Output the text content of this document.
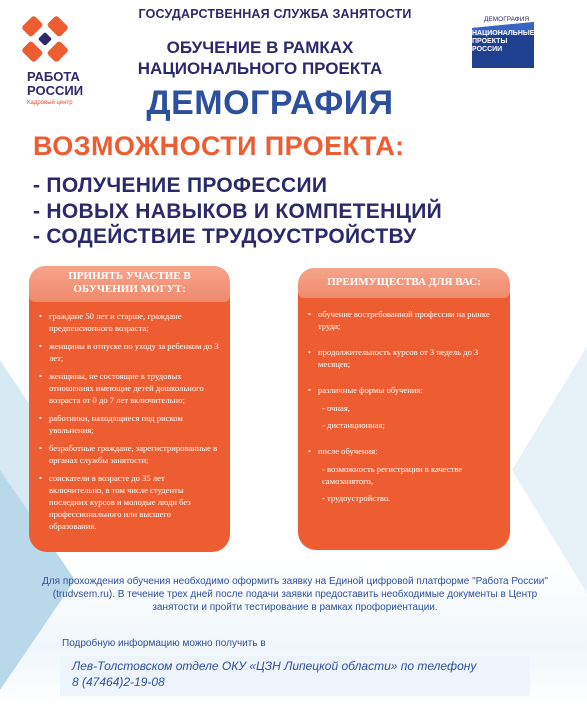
РАБОТА
РОССИИ
Кадровый центр
ДЕМОГРАФИЯ
НАЦИОНАЛЬНЫЕ
ПРОЕКТЫ
РОССИИ
ГОСУДАРСТВЕННАЯ СЛУЖБА ЗАНЯТОСТИ
ОБУЧЕНИЕ В РАМКАХ
НАЦИОНАЛЬНОГО ПРОЕКТА
ДЕМОГРАФИЯ
ВОЗМОЖНОСТИ ПРОЕКТА:
- ПОЛУЧЕНИЕ ПРОФЕССИИ
- НОВЫХ НАВЫКОВ И КОМПЕТЕНЦИЙ
- СОДЕЙСТВИЕ ТРУДОУСТРОЙСТВУ
ПРИНЯТЬ УЧАСТИЕ В
ОБУЧЕНИИ МОГУТ:
• граждане 50 лет и старше, граждане предпенсионного возраста;
• женщины в отпуске по уходу за ребенком до 3 лет;
• женщины, не состоящие в трудовых отношениях имеющие детей дошкольного возраста от 0 до 7 лет включительно;
• работники, находящиеся под риском увольнения;
• безработные граждане, зарегистрированные в органах службы занятости;
• соискатели в возрасте до 35 лет включительно, в том числе студенты последних курсов и молодые люди без профессионального или высшего образования.
ПРЕИМУЩЕСТВА ДЛЯ ВАС:
• обучение востребованной профессии на рынке труда;
• продолжительность курсов от 3 недель до 3 месяцев;
• различные формы обучения:
- очная,
- дистанционная;
• после обучения:
- возможность регистрации в качестве самозанятого,
- трудоустройство.
Для прохождения обучения необходимо оформить заявку на Единой цифровой платформе "Работа России" (trudvsem.ru). В течение трех дней после подачи заявки предоставить необходимые документы в Центр занятости и пройти тестирование в рамках профориентации.
Подробную информацию можно получить в
Лев-Толстовском отделе ОКУ «ЦЗН Липецкой области» по телефону
8 (47464)2-19-08
